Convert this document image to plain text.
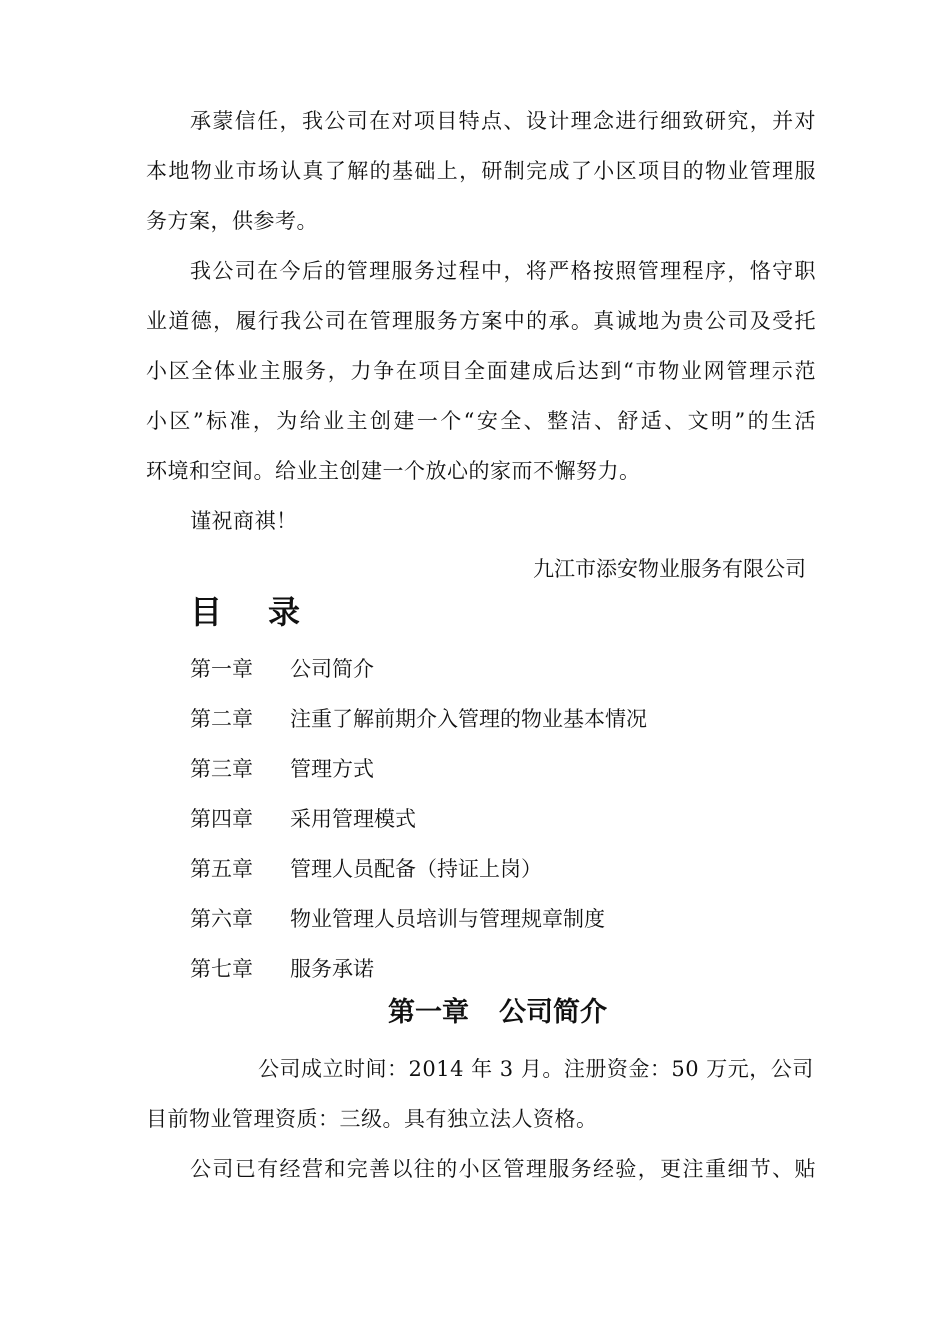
承蒙信任，我公司在对项目特点、设计理念进行细致研究，并对
本地物业市场认真了解的基础上，研制完成了小区项目的物业管理服
务方案，供参考。
我公司在今后的管理服务过程中，将严格按照管理程序，恪守职
业道德，履行我公司在管理服务方案中的承。真诚地为贵公司及受托
小区全体业主服务，力争在项目全面建成后达到“市物业网管理示范
小区”标准，为给业主创建一个“安全、整洁、舒适、文明”的生活
环境和空间。给业主创建一个放心的家而不懈努力。
谨祝商祺！
九江市添安物业服务有限公司
目录
第一章 公司简介
第二章 注重了解前期介入管理的物业基本情况
第三章 管理方式
第四章 采用管理模式
第五章 管理人员配备（持证上岗）
第六章 物业管理人员培训与管理规章制度
第七章 服务承诺
第一章 公司简介
公司成立时间：2014 年 3 月。注册资金：50 万元，公司
目前物业管理资质：三级。具有独立法人资格。
公司已有经营和完善以往的小区管理服务经验，更注重细节、贴
